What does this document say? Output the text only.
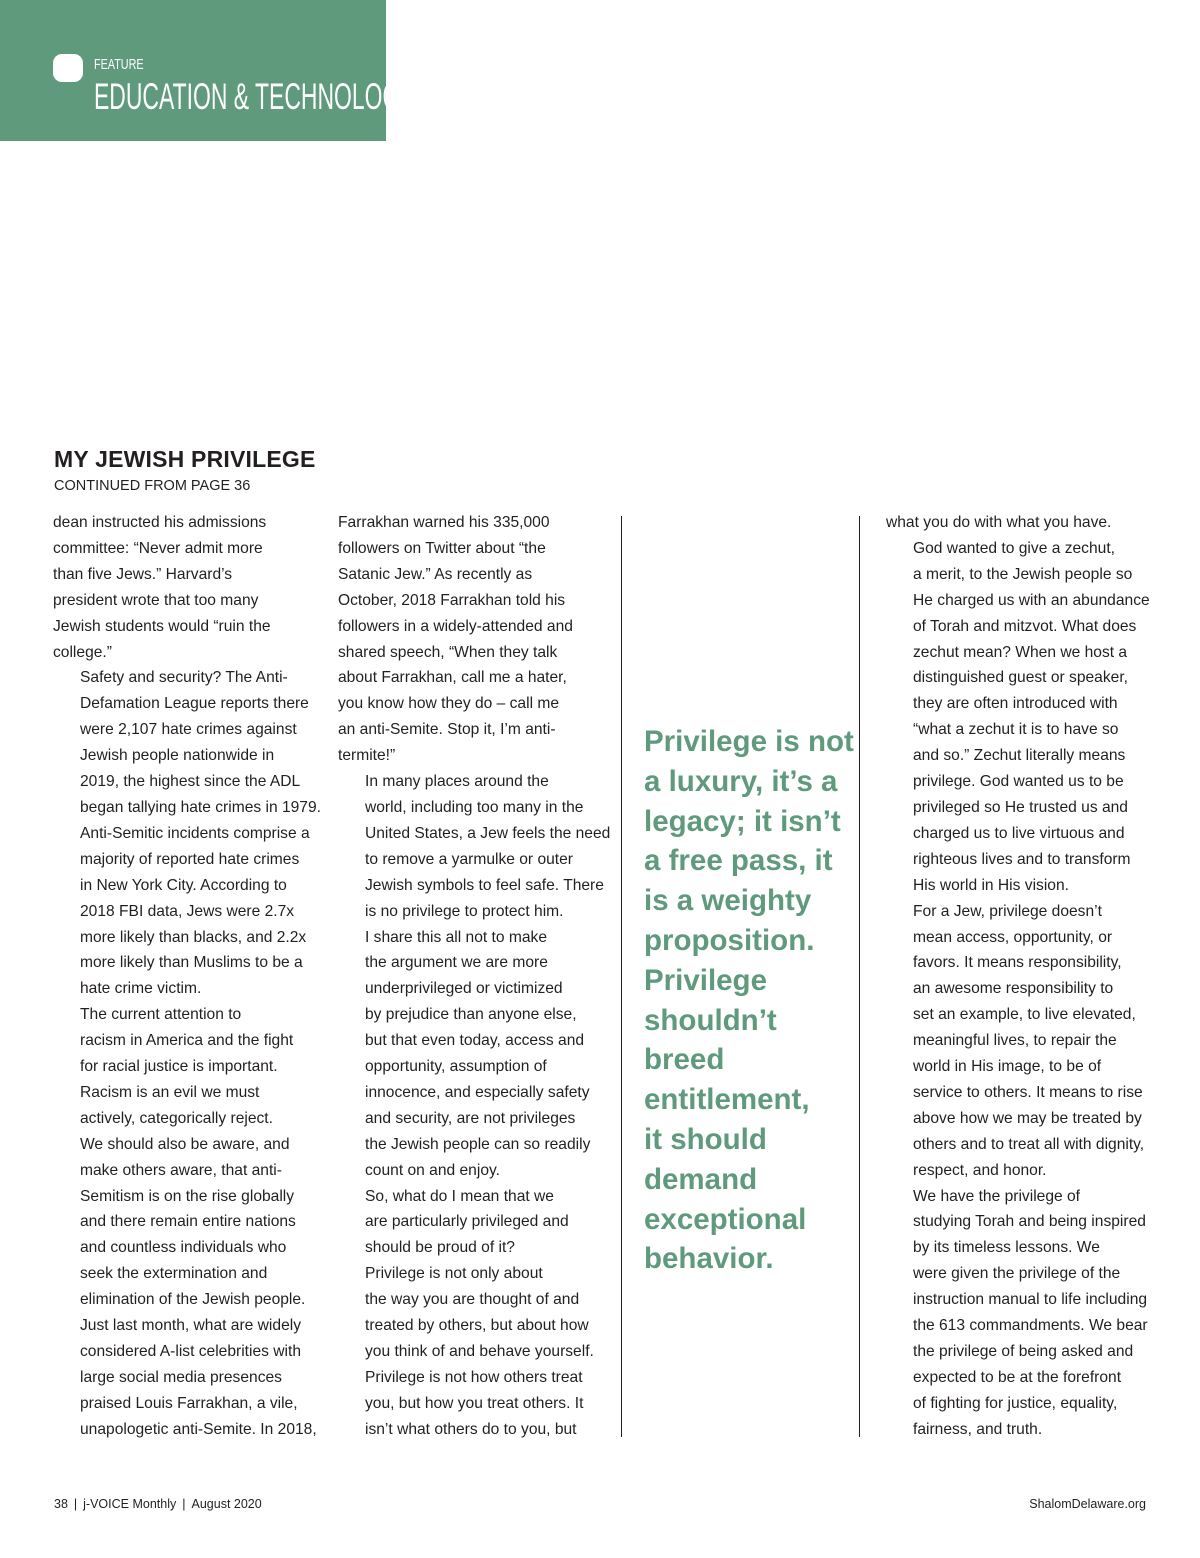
FEATURE
EDUCATION & TECHNOLOGY
MY JEWISH PRIVILEGE
CONTINUED FROM PAGE 36

dean instructed his admissions
committee: “Never admit more
than five Jews.” Harvard’s
president wrote that too many
Jewish students would “ruin the
college.”

Safety and security? The Anti-
Defamation League reports there
were 2,107 hate crimes against
Jewish people nationwide in
2019, the highest since the ADL
began tallying hate crimes in 1979.
Anti-Semitic incidents comprise a
majority of reported hate crimes
in New York City. According to
2018 FBI data, Jews were 2.7x
more likely than blacks, and 2.2x
more likely than Muslims to be a
hate crime victim.

The current attention to
racism in America and the fight
for racial justice is important.
Racism is an evil we must
actively, categorically reject.
We should also be aware, and
make others aware, that anti-
Semitism is on the rise globally
and there remain entire nations
and countless individuals who
seek the extermination and
elimination of the Jewish people.
Just last month, what are widely
considered A-list celebrities with
large social media presences
praised Louis Farrakhan, a vile,
unapologetic anti-Semite. In 2018,

Farrakhan warned his 335,000
followers on Twitter about “the
Satanic Jew.” As recently as
October, 2018 Farrakhan told his
followers in a widely-attended and
shared speech, “When they talk
about Farrakhan, call me a hater,
you know how they do – call me
an anti-Semite. Stop it, I’m anti-
termite!”

In many places around the
world, including too many in the
United States, a Jew feels the need
to remove a yarmulke or outer
Jewish symbols to feel safe. There
is no privilege to protect him.

I share this all not to make
the argument we are more
underprivileged or victimized
by prejudice than anyone else,
but that even today, access and
opportunity, assumption of
innocence, and especially safety
and security, are not privileges
the Jewish people can so readily
count on and enjoy.

So, what do I mean that we
are particularly privileged and
should be proud of it?

Privilege is not only about
the way you are thought of and
treated by others, but about how
you think of and behave yourself.
Privilege is not how others treat
you, but how you treat others. It
isn’t what others do to you, but

Privilege is not
a luxury, it’s a
legacy; it isn’t
a free pass, it
is a weighty
proposition.
Privilege
shouldn’t
breed
entitlement,
it should
demand
exceptional
behavior.

what you do with what you have.

God wanted to give a zechut,
a merit, to the Jewish people so
He charged us with an abundance
of Torah and mitzvot. What does
zechut mean? When we host a
distinguished guest or speaker,
they are often introduced with
“what a zechut it is to have so
and so.” Zechut literally means
privilege. God wanted us to be
privileged so He trusted us and
charged us to live virtuous and
righteous lives and to transform
His world in His vision.

For a Jew, privilege doesn’t
mean access, opportunity, or
favors. It means responsibility,
an awesome responsibility to
set an example, to live elevated,
meaningful lives, to repair the
world in His image, to be of
service to others. It means to rise
above how we may be treated by
others and to treat all with dignity,
respect, and honor.

We have the privilege of
studying Torah and being inspired
by its timeless lessons. We
were given the privilege of the
instruction manual to life including
the 613 commandments. We bear
the privilege of being asked and
expected to be at the forefront
of fighting for justice, equality,
fairness, and truth.

38 | j-VOICE Monthly | August 2020	ShalomDelaware.org
